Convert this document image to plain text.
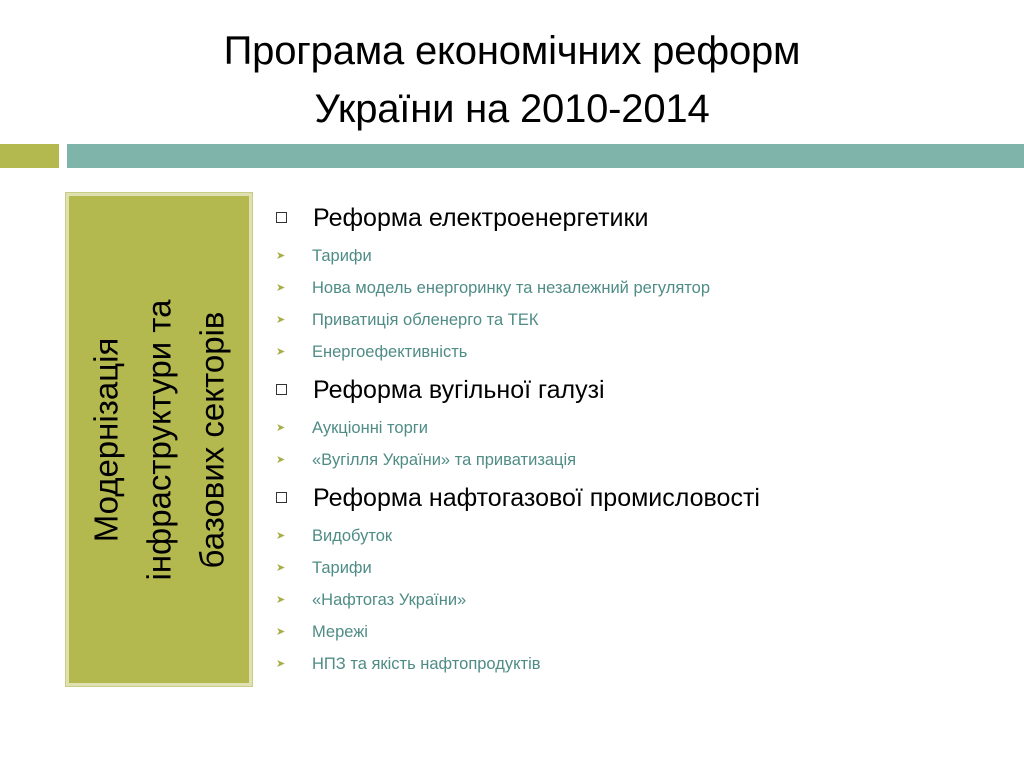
Програма економічних реформ
України на 2010-2014
Модернізація інфраструктури та базових секторів
Реформа електроенергетики
➤ Тарифи
➤ Нова модель енергоринку та незалежний регулятор
➤ Приватиція обленерго та ТЕК
➤ Енергоефективність
Реформа вугільної галузі
➤ Аукціонні торги
➤ «Вугілля України» та приватизація
Реформа нафтогазової промисловості
➤ Видобуток
➤ Тарифи
➤ «Нафтогаз України»
➤ Мережі
➤ НПЗ та якість нафтопродуктів
